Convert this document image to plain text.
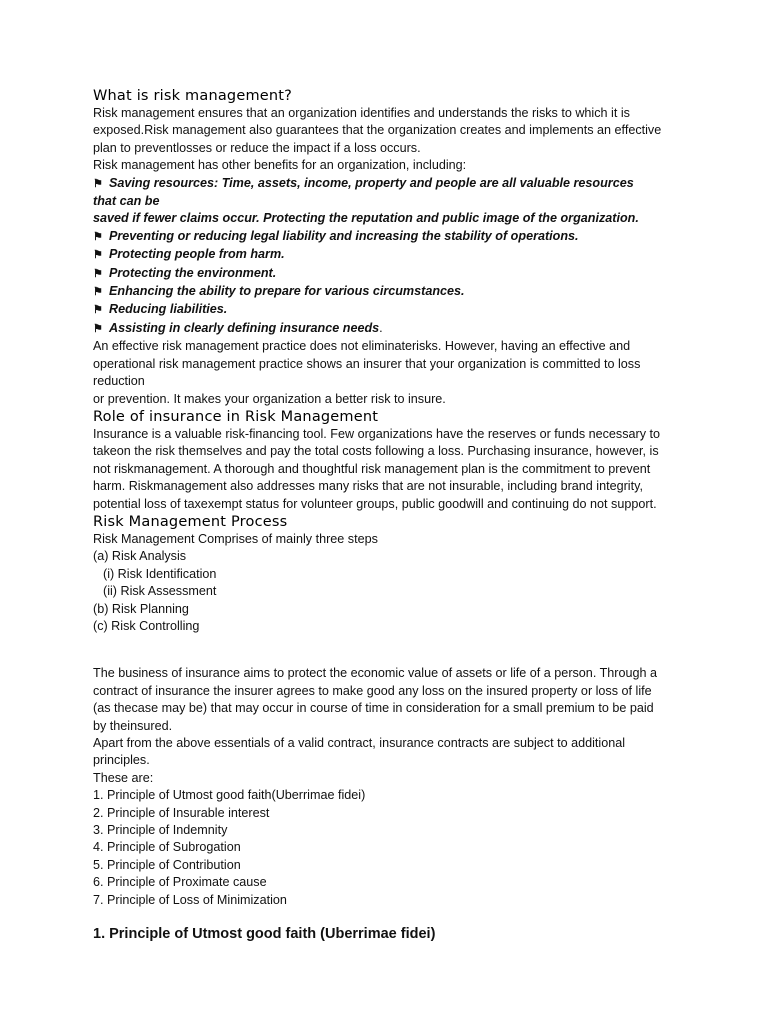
What is risk management?

Risk management ensures that an organization identifies and understands the risks to which it is

exposed.Risk management also guarantees that the organization creates and implements an effective

plan to preventlosses or reduce the impact if a loss occurs.

Risk management has other benefits for an organization, including:

⚑ Saving resources: Time, assets, income, property and people are all valuable resources

that can be

saved if fewer claims occur. Protecting the reputation and public image of the organization.

⚑ Preventing or reducing legal liability and increasing the stability of operations.

⚑ Protecting people from harm.

⚑ Protecting the environment.

⚑ Enhancing the ability to prepare for various circumstances.

⚑ Reducing liabilities.

⚑ Assisting in clearly defining insurance needs.

An effective risk management practice does not eliminaterisks. However, having an effective and

operational risk management practice shows an insurer that your organization is committed to loss

reduction

or prevention. It makes your organization a better risk to insure.

Role of insurance in Risk Management

Insurance is a valuable risk-financing tool. Few organizations have the reserves or funds necessary to

takeon the risk themselves and pay the total costs following a loss. Purchasing insurance, however, is

not riskmanagement. A thorough and thoughtful risk management plan is the commitment to prevent

harm. Riskmanagement also addresses many risks that are not insurable, including brand integrity,

potential loss of taxexempt status for volunteer groups, public goodwill and continuing do not support.

Risk Management Process

Risk Management Comprises of mainly three steps

(a) Risk Analysis

(i) Risk Identification

(ii) Risk Assessment

(b) Risk Planning

(c) Risk Controlling

The business of insurance aims to protect the economic value of assets or life of a person. Through a

contract of insurance the insurer agrees to make good any loss on the insured property or loss of life

(as thecase may be) that may occur in course of time in consideration for a small premium to be paid

by theinsured.

Apart from the above essentials of a valid contract, insurance contracts are subject to additional

principles.

These are:

1. Principle of Utmost good faith(Uberrimae fidei)

2. Principle of Insurable interest

3. Principle of Indemnity

4. Principle of Subrogation

5. Principle of Contribution

6. Principle of Proximate cause

7. Principle of Loss of Minimization

1. Principle of Utmost good faith (Uberrimae fidei)
